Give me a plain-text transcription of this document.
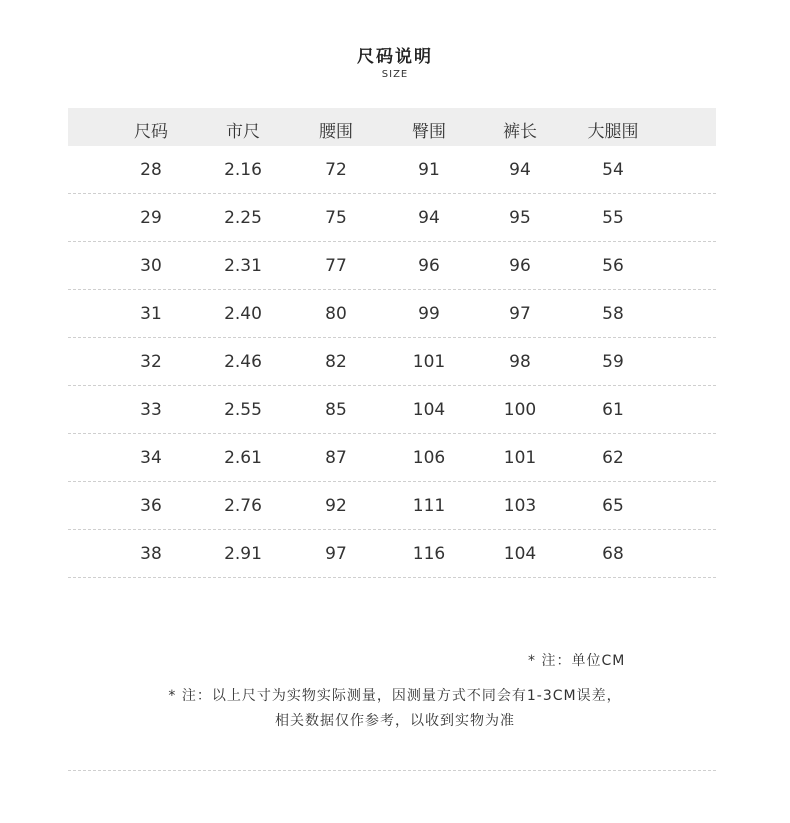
尺码说明
SIZE
尺码	市尺	腰围	臀围	裤长	大腿围
28	2.16	72	91	94	54
29	2.25	75	94	95	55
30	2.31	77	96	96	56
31	2.40	80	99	97	58
32	2.46	82	101	98	59
33	2.55	85	104	100	61
34	2.61	87	106	101	62
36	2.76	92	111	103	65
38	2.91	97	116	104	68
* 注：单位CM
* 注：以上尺寸为实物实际测量，因测量方式不同会有1-3CM误差，
相关数据仅作参考，以收到实物为准
